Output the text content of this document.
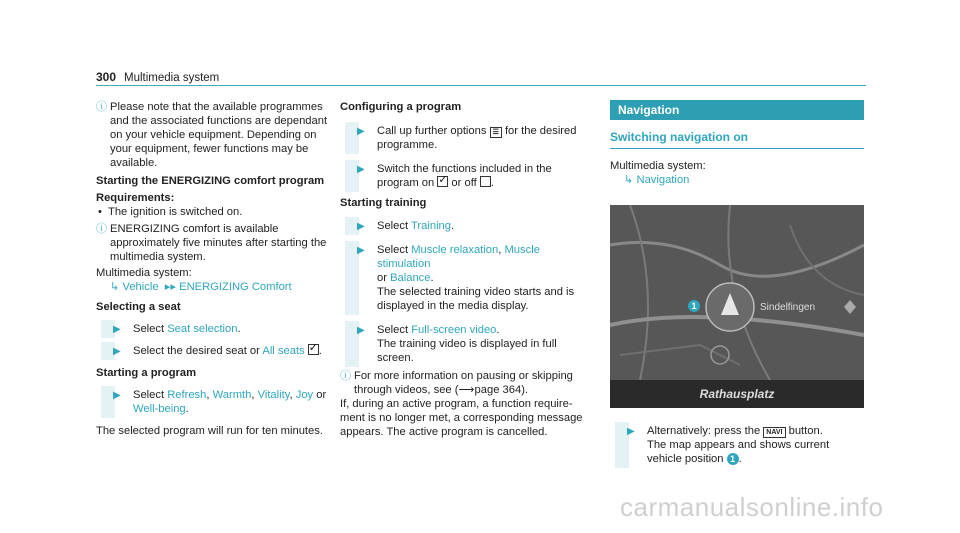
300 Multimedia system
ⓘ Please note that the available programmes and the associated functions are dependant on your vehicle equipment. Depending on your equipment, fewer functions may be available.

Starting the ENERGIZING comfort program

Requirements:

• The ignition is switched on.
ⓘ ENERGIZING comfort is available approximately five minutes after starting the multimedia system.

Multimedia system:

↳ Vehicle  ▸▸ ENERGIZING Comfort

Selecting a seat

▶ Select Seat selection.
▶ Select the desired seat or All seats ✓ .

Starting a program

▶ Select Refresh, Warmth, Vitality, Joy or Well-being.

The selected program will run for ten minutes.

Configuring a program

▶ Call up further options ☰ for the desired programme.
▶ Switch the functions included in the program on ✓ or off .

Starting training

▶ Select Training.
▶ Select Muscle relaxation, Muscle stimulation
or Balance.
The selected training video starts and is displayed in the media display.
▶ Select Full-screen video.
The training video is displayed in full screen.
ⓘ For more information on pausing or skipping through videos, see (⟶page 364).

If, during an active program, a function require- ment is no longer met, a corresponding message appears. The active program is cancelled.

Navigation

Switching navigation on

Multimedia system:

↳ Navigation

Sindelfingen
1
Rathausplatz
▶ Alternatively: press the NAVI button.
The map appears and shows current vehicle position 1 .
carmanualsonline.info
